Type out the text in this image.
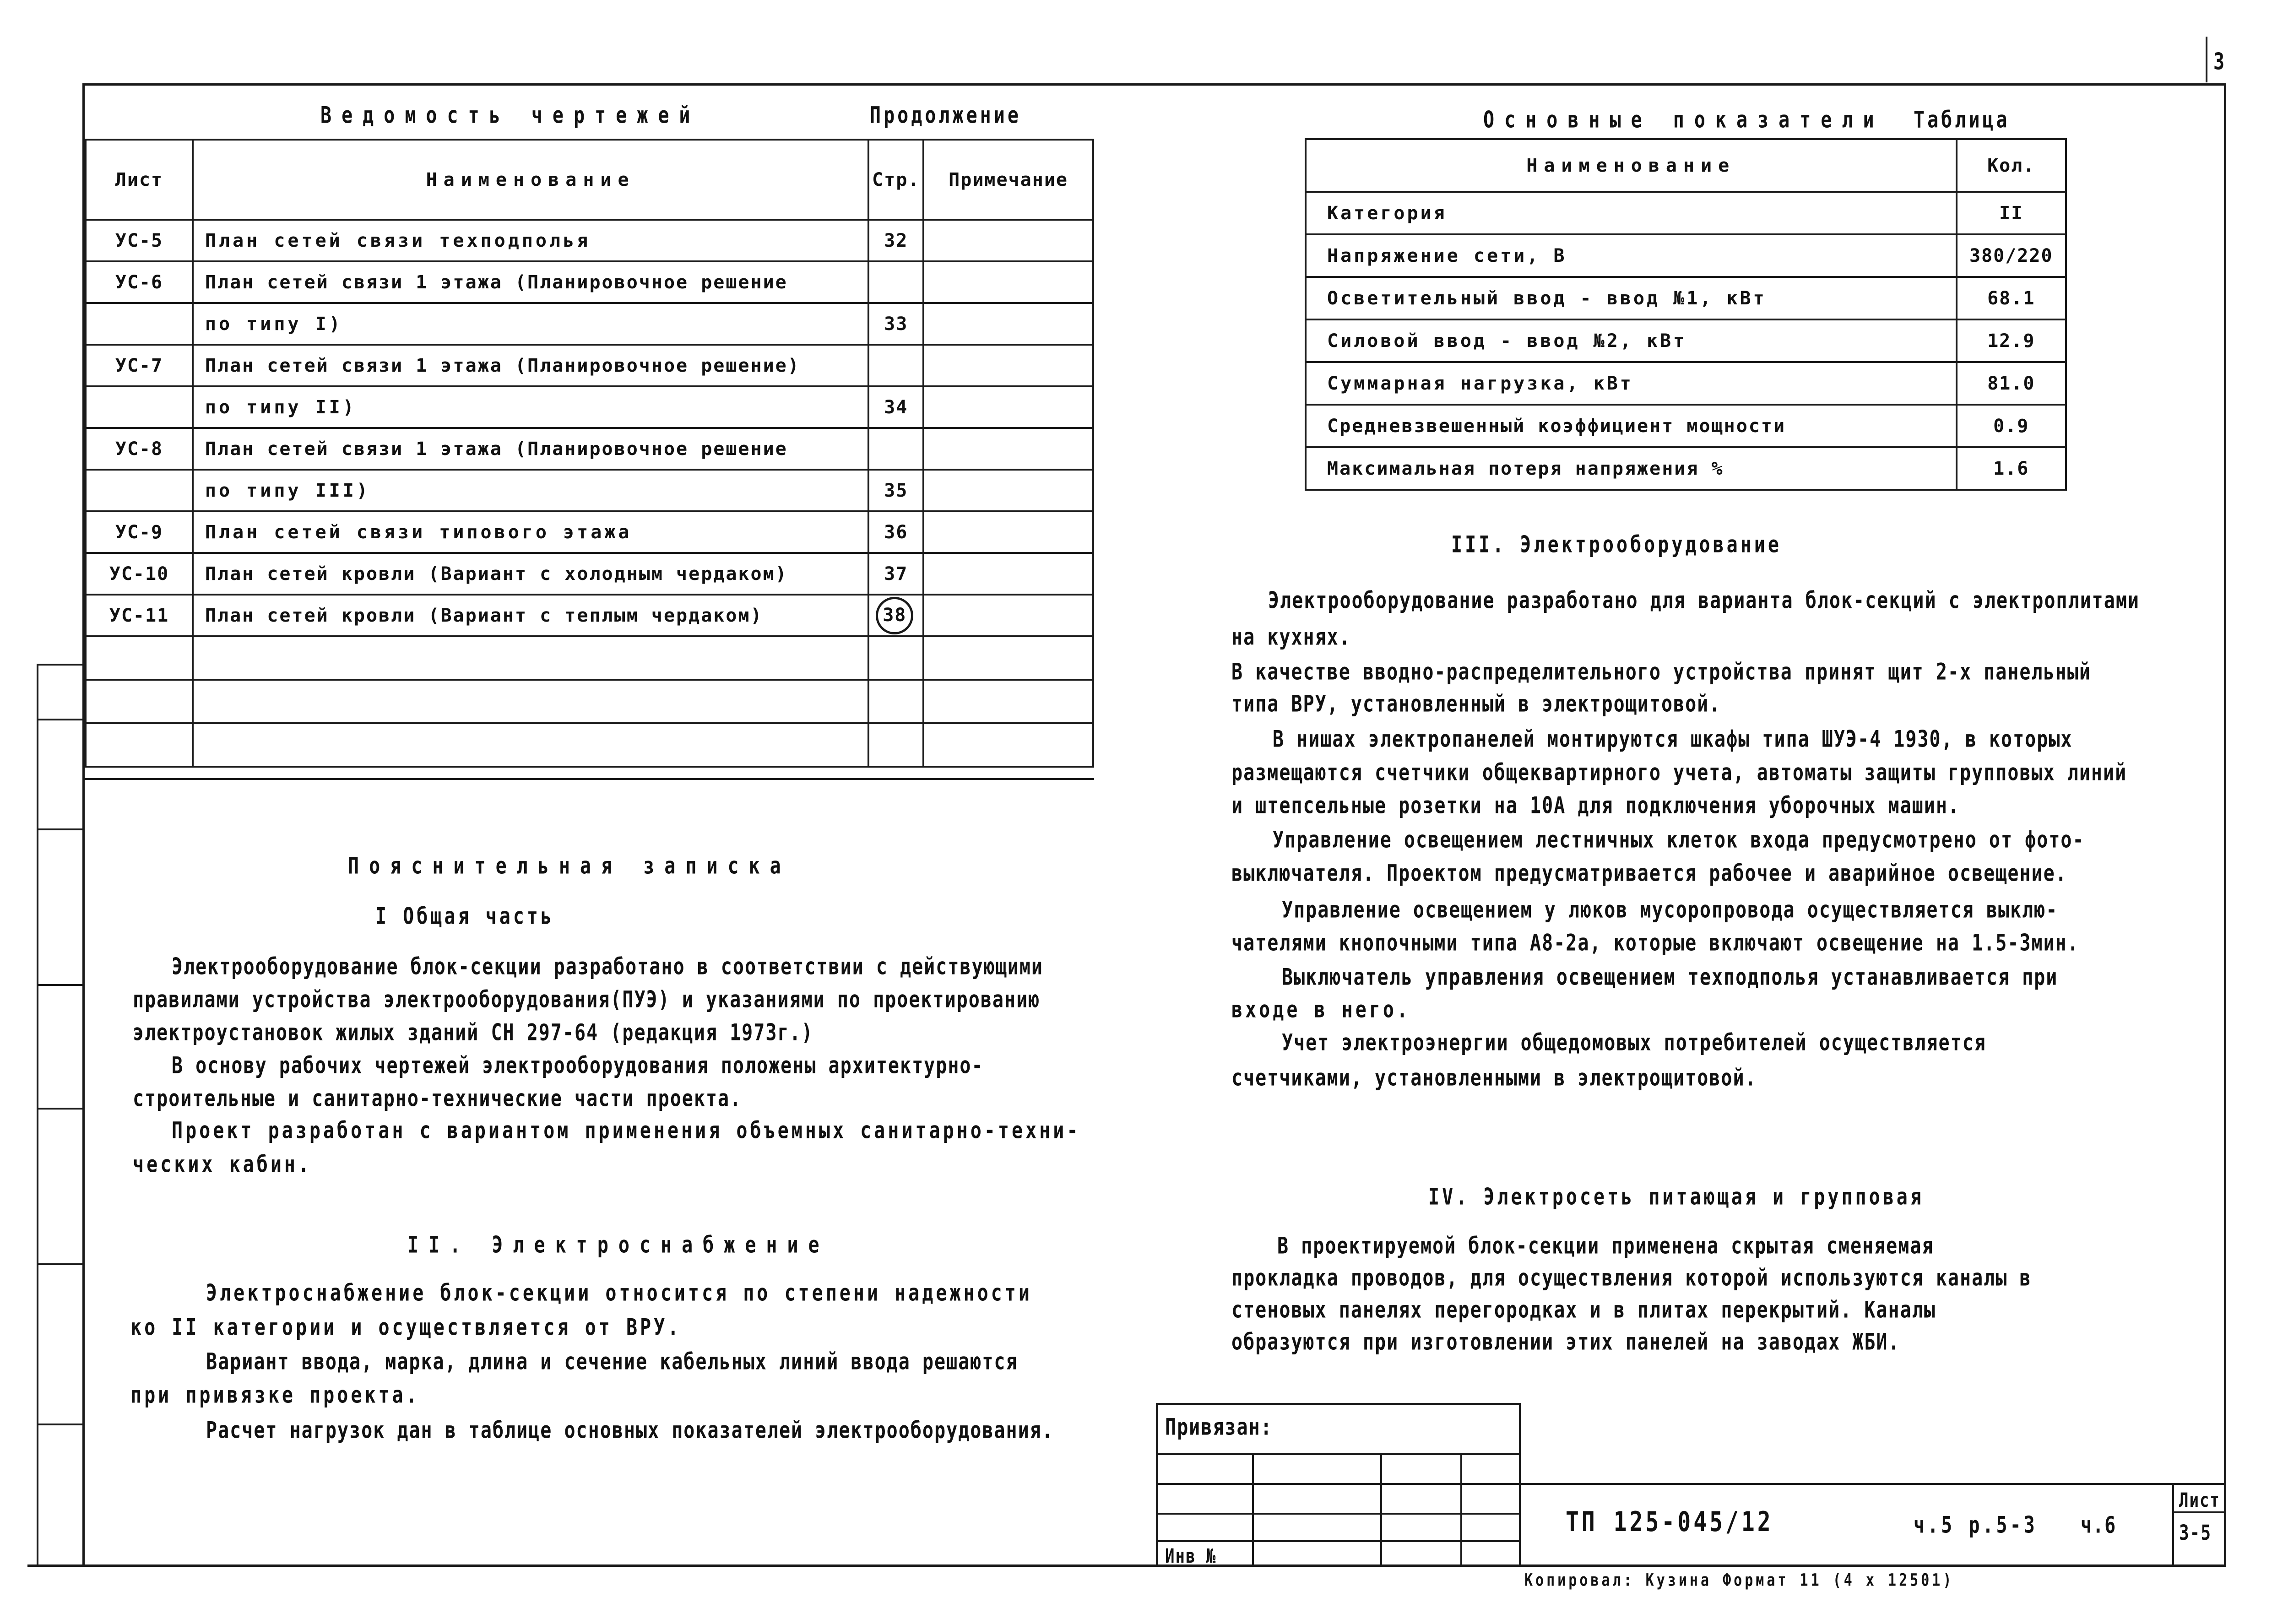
3
Ведомость чертежей	Продолжение
Лист	Наименование	Стр.	Примечание
УС-5	План сетей связи техподполья	32	
УС-6	План сетей связи 1 этажа (Планировочное решение		
	по типу I)	33	
УС-7	План сетей связи 1 этажа (Планировочное решение)		
	по типу II)	34	
УС-8	План сетей связи 1 этажа (Планировочное решение		
	по типу III)	35	
УС-9	План сетей связи типового этажа	36	
УС-10	План сетей кровли (Вариант с холодным чердаком)	37	
УС-11	План сетей кровли (Вариант с теплым чердаком)	38	

Основные показатели Таблица
Наименование	Кол.
Категория	II
Напряжение сети, В	380/220
Осветительный ввод - ввод №1, кВт	68.1
Силовой ввод - ввод №2, кВт	12.9
Суммарная нагрузка, кВт	81.0
Средневзвешенный коэффициент мощности	0.9
Максимальная потеря напряжения %	1.6
Пояснительная записка
I Общая часть
Электрооборудование блок-секции разработано в соответствии с действующими
правилами устройства электрооборудования(ПУЭ) и указаниями по проектированию
электроустановок жилых зданий СН 297-64 (редакция 1973г.)
В основу рабочих чертежей электрооборудования положены архитектурно-
строительные и санитарно-технические части проекта.
Проект разработан с вариантом применения объемных санитарно-техни-
ческих кабин.
II. Электроснабжение
Электроснабжение блок-секции относится по степени надежности
ко II категории и осуществляется от ВРУ.
Вариант ввода, марка, длина и сечение кабельных линий ввода решаются
при привязке проекта.
Расчет нагрузок дан в таблице основных показателей электрооборудования.
III. Электрооборудование
Электрооборудование разработано для варианта блок-секций с электроплитами
на кухнях.
В качестве вводно-распределительного устройства принят щит 2-х панельный
типа ВРУ, установленный в электрощитовой.
В нишах электропанелей монтируются шкафы типа ШУЭ-4 1930, в которых
размещаются счетчики общеквартирного учета, автоматы защиты групповых линий
и штепсельные розетки на 10А для подключения уборочных машин.
Управление освещением лестничных клеток входа предусмотрено от фото-
выключателя. Проектом предусматривается рабочее и аварийное освещение.
Управление освещением у люков мусоропровода осуществляется выклю-
чателями кнопочными типа А8-2а, которые включают освещение на 1.5-3мин.
Выключатель управления освещением техподполья устанавливается при
входе в него.
Учет электроэнергии общедомовых потребителей осуществляется
счетчиками, установленными в электрощитовой.
IV. Электросеть питающая и групповая
В проектируемой блок-секции применена скрытая сменяемая
прокладка проводов, для осуществления которой используются каналы в
стеновых панелях перегородках и в плитах перекрытий. Каналы
образуются при изготовлении этих панелей на заводах ЖБИ.
Привязан:
Инв №
ТП 125-045/12	ч.5 р.5-3 ч.6
Лист
3-5
Копировал: Кузина Формат 11 (4 х 12501)
